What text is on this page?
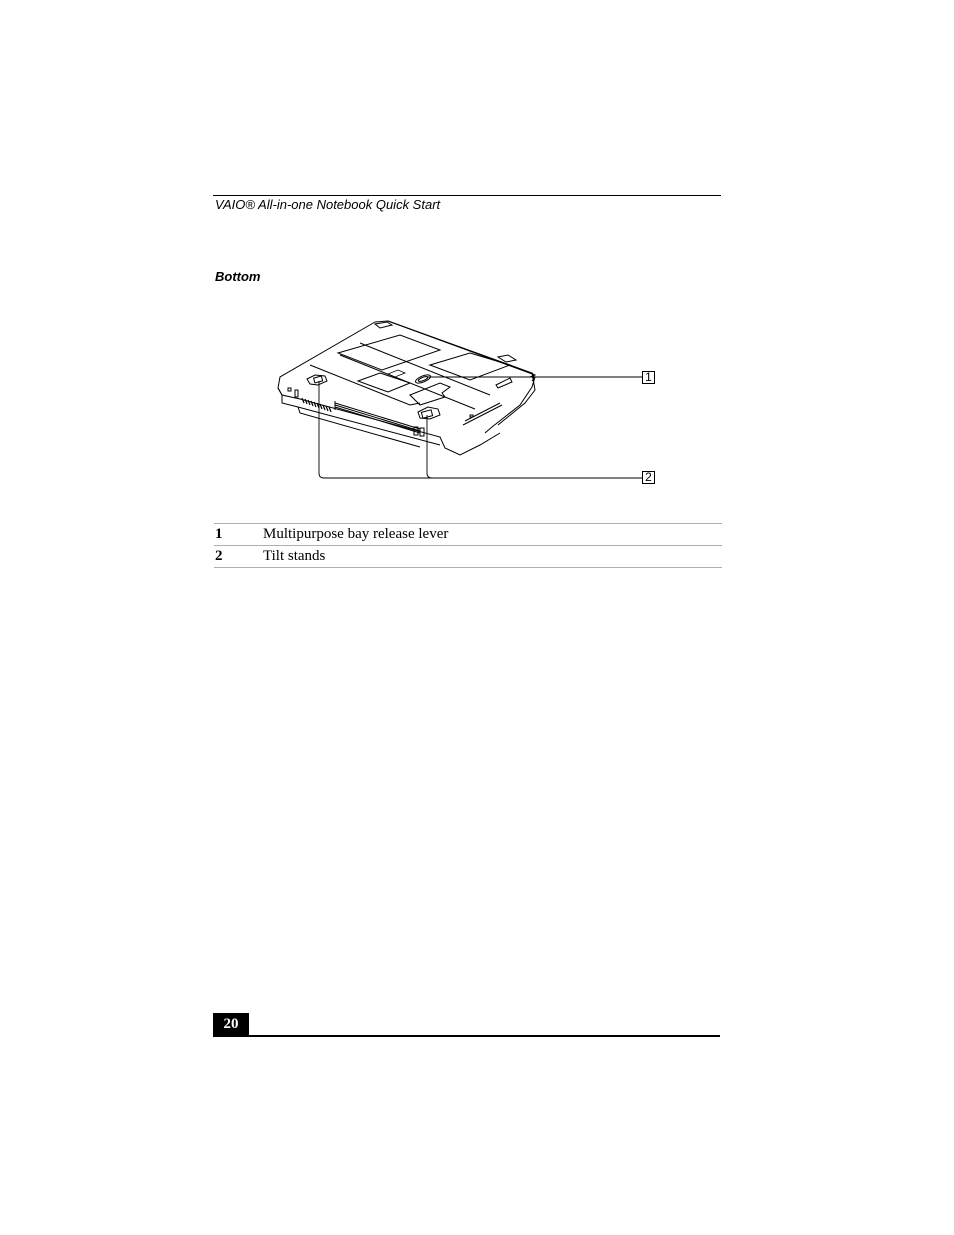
VAIO® All-in-one Notebook Quick Start
Bottom
1
2
1	Multipurpose bay release lever
2	Tilt stands
20
